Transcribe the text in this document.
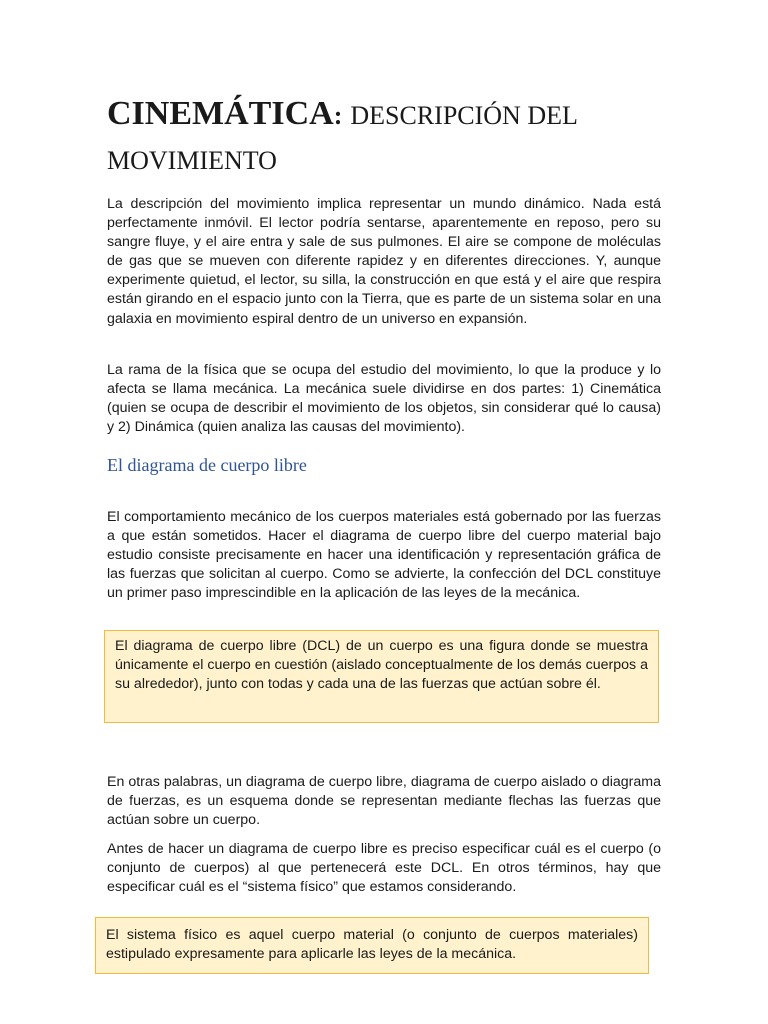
CINEMÁTICA: DESCRIPCIÓN DEL MOVIMIENTO

La descripción del movimiento implica representar un mundo dinámico. Nada está perfectamente inmóvil. El lector podría sentarse, aparentemente en reposo, pero su sangre fluye, y el aire entra y sale de sus pulmones. El aire se compone de moléculas de gas que se mueven con diferente rapidez y en diferentes direcciones. Y, aunque experimente quietud, el lector, su silla, la construcción en que está y el aire que respira están girando en el espacio junto con la Tierra, que es parte de un sistema solar en una galaxia en movimiento espiral dentro de un universo en expansión.

La rama de la física que se ocupa del estudio del movimiento, lo que la produce y lo afecta se llama mecánica. La mecánica suele dividirse en dos partes: 1) Cinemática (quien se ocupa de describir el movimiento de los objetos, sin considerar qué lo causa) y 2) Dinámica (quien analiza las causas del movimiento).

El diagrama de cuerpo libre

El comportamiento mecánico de los cuerpos materiales está gobernado por las fuerzas a que están sometidos. Hacer el diagrama de cuerpo libre del cuerpo material bajo estudio consiste precisamente en hacer una identificación y representación gráfica de las fuerzas que solicitan al cuerpo. Como se advierte, la confección del DCL constituye un primer paso imprescindible en la aplicación de las leyes de la mecánica.

El diagrama de cuerpo libre (DCL) de un cuerpo es una figura donde se muestra únicamente el cuerpo en cuestión (aislado conceptualmente de los demás cuerpos a su alrededor), junto con todas y cada una de las fuerzas que actúan sobre él.

En otras palabras, un diagrama de cuerpo libre, diagrama de cuerpo aislado o diagrama de fuerzas, es un esquema donde se representan mediante flechas las fuerzas que actúan sobre un cuerpo.

Antes de hacer un diagrama de cuerpo libre es preciso especificar cuál es el cuerpo (o conjunto de cuerpos) al que pertenecerá este DCL. En otros términos, hay que especificar cuál es el “sistema físico” que estamos considerando.

El sistema físico es aquel cuerpo material (o conjunto de cuerpos materiales) estipulado expresamente para aplicarle las leyes de la mecánica.
